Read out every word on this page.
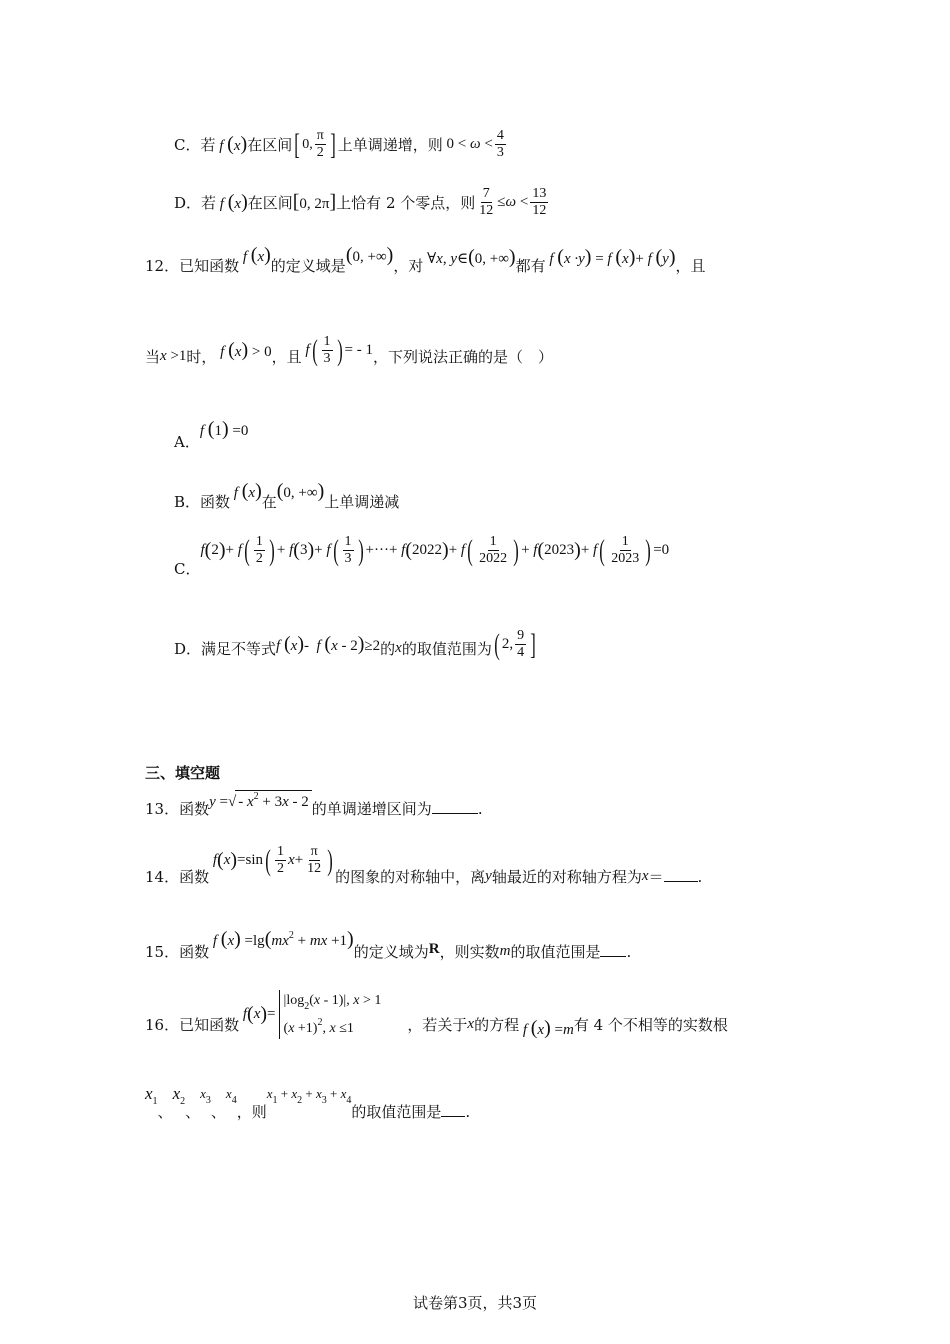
C． 若 f (x) 在区间 [ 0, $\frac{\pi}{2}$ ] 上单调递增，则 $0 < \omega < \frac{4}{3}$
D． 若 f (x) 在区间 [0, 2π] 上恰有 2 个零点，则 $\frac{7}{12} \le\omega < \frac{13}{12}$
12． 已知函数 f (x) 的定义域是 (0, +∞) ，对 ∀x, y∈(0, +∞) 都有 f (x ·y) = f (x)+ f (y) ，且
当 x >1 时， f (x) > 0 ，且 f ( $\frac{1}{3}$ ) = - 1 ，下列说法正确的是（　）
A．
f (1) =0
B． 函数 f (x) 在 (0, +∞) 上单调递减
C．
f ( 2 ) + f ( $\frac{1}{2}$ ) + f ( 3 ) + f ( $\frac{1}{3}$ ) +···+ f ( 2022 ) + f ( $\frac{1}{2022}$ ) + f ( 2023 ) + f ( $\frac{1}{2023}$ ) =0
D． 满足不等式 f (x)-  f (x - 2)≥2 的 x 的取值范围为 ( 2, $\frac{9}{4}$ ]
三、填空题
13． 函数 y =√ - $x^2 + 3x - 2$ 的单调递增区间为	.
14． 函数
f ( x ) =sin ( $\frac{1}{2}$ $x + \frac{\pi}{12}$ )
的图象的对称轴中，离 y 轴最近的对称轴方程为 x ＝ .
15． 函数
f $(x) =\lg(mx^2$ + mx +1)
的定义域为 R ，则实数 m 的取值范围是 .
16． 已知函数
f ( x ) =
$|\log_2(x - 1)|$, x > 1
$(x +1)^2$, x ≤1	，若关于 x 的方程 f (x) =m 有 4 个不相等的实数根
$x_1$
、
$x_2$
、
$x_3$
、
$x_4$
，则
$x_1 + x_2 + x_3 + x_4$
的取值范围是 .
试卷第3页，共3页
